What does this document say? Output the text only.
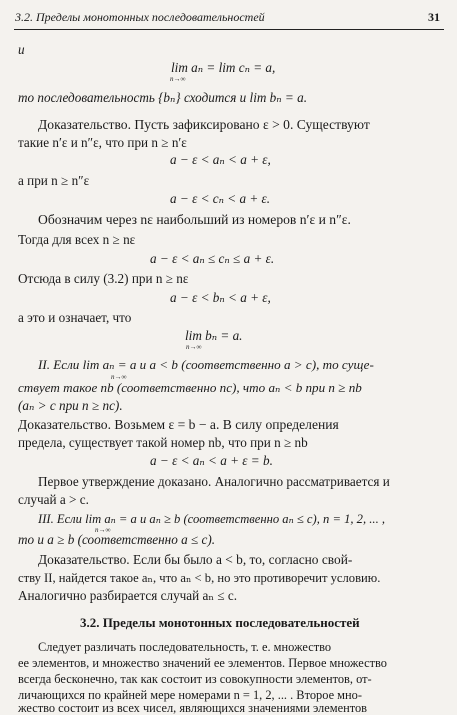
3.2. Пределы монотонных последовательностей	31
и
lim aₙ = lim cₙ = a,
n→∞
то последовательность {bₙ} сходится и lim bₙ = a.
Доказательство. Пусть зафиксировано ε > 0. Существуют
такие n′ε и n″ε, что при n ≥ n′ε
a − ε < aₙ < a + ε,
а при n ≥ n″ε
a − ε < cₙ < a + ε.
Обозначим через nε наибольший из номеров n′ε и n″ε.
Тогда для всех n ≥ nε
a − ε < aₙ ≤ cₙ ≤ a + ε.
Отсюда в силу (3.2) при n ≥ nε
a − ε < bₙ < a + ε,
а это и означает, что
lim bₙ = a.
n→∞
II. Если lim aₙ = a и a < b (соответственно a > c), то суще-
n→∞
ствует такое nb (соответственно nc), что aₙ < b при n ≥ nb
(aₙ > c при n ≥ nc).
Доказательство. Возьмем ε = b − a. В силу определения
предела, существует такой номер nb, что при n ≥ nb
a − ε < aₙ < a + ε = b.
Первое утверждение доказано. Аналогично рассматривается и
случай a > c.
III. Если lim aₙ = a и aₙ ≥ b (соответственно aₙ ≤ c), n = 1, 2, ... ,
n→∞
то и a ≥ b (соответственно a ≤ c).
Доказательство. Если бы было a < b, то, согласно свой-
ству II, найдется такое aₙ, что aₙ < b, но это противоречит условию.
Аналогично разбирается случай aₙ ≤ c.
3.2. Пределы монотонных последовательностей
Следует различать последовательность, т. е. множество
ее элементов, и множество значений ее элементов. Первое множество
всегда бесконечно, так как состоит из совокупности элементов, от-
личающихся по крайней мере номерами n = 1, 2, ... . Второе мно-
жество состоит из всех чисел, являющихся значениями элементов
